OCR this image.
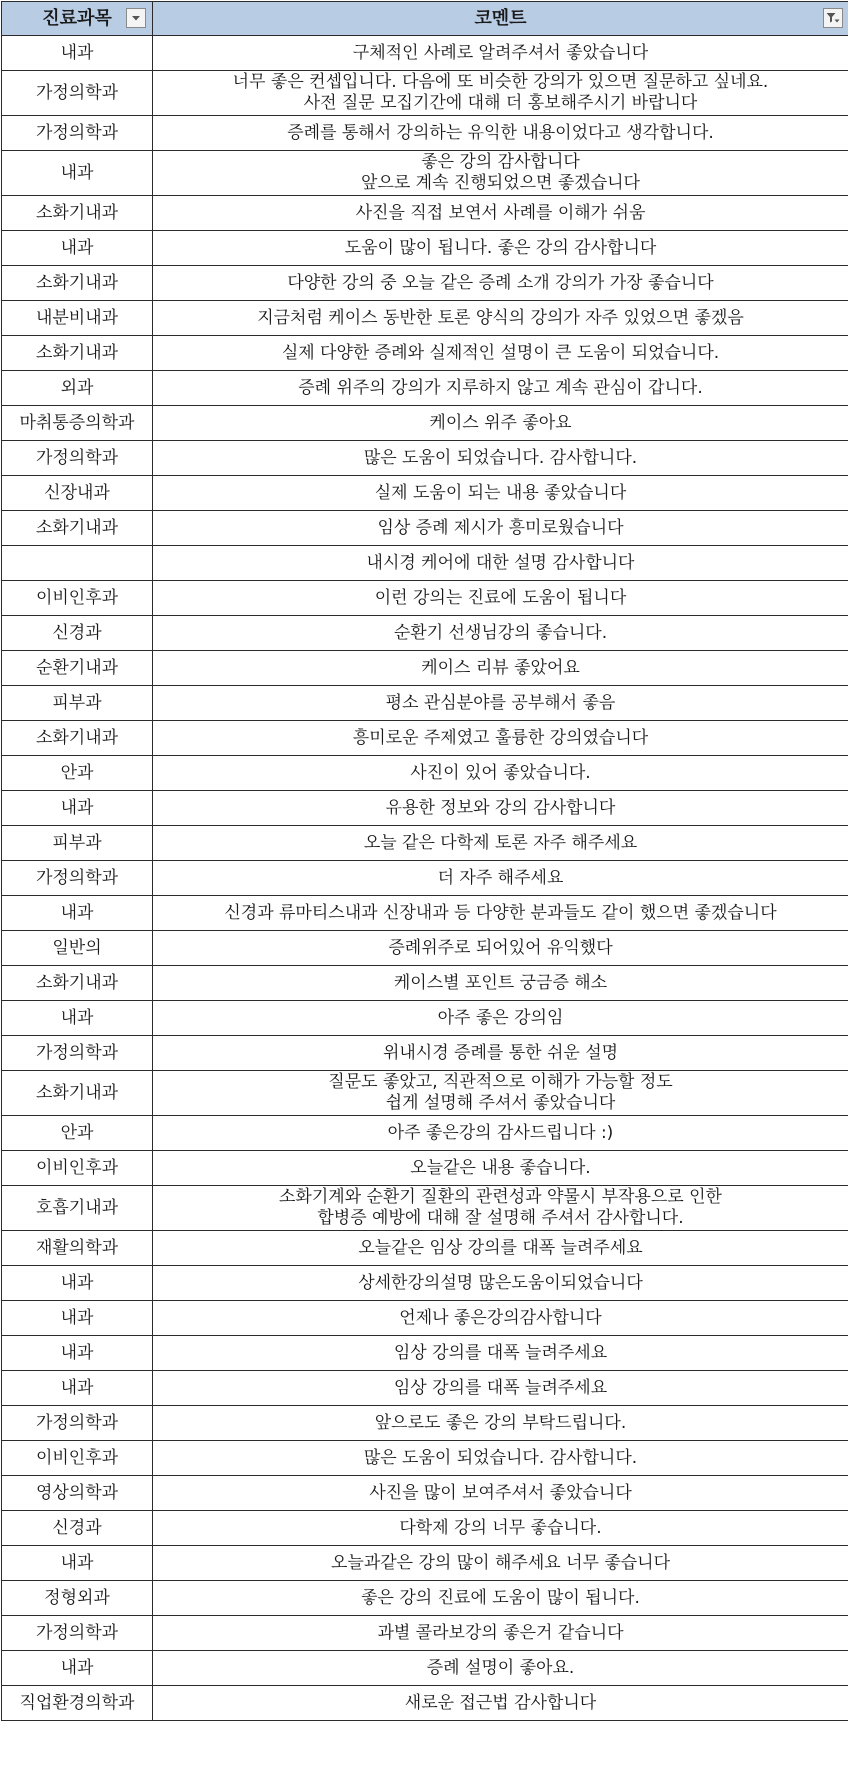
진료과목	코멘트

내과	구체적인 사례로 알려주셔서 좋았습니다

가정의학과	너무 좋은 컨셉입니다. 다음에 또 비슷한 강의가 있으면 질문하고 싶네요.
사전 질문 모집기간에 대해 더 홍보해주시기 바랍니다

가정의학과	증례를 통해서 강의하는 유익한 내용이었다고 생각합니다.

내과	좋은 강의 감사합니다
앞으로 계속 진행되었으면 좋겠습니다

소화기내과	사진을 직접 보연서 사례를 이해가 쉬움

내과	도움이 많이 됩니다. 좋은 강의 감사합니다

소화기내과	다양한 강의 중 오늘 같은 증례 소개 강의가 가장 좋습니다

내분비내과	지금처럼 케이스 동반한 토론 양식의 강의가 자주 있었으면 좋겠음

소화기내과	실제 다양한 증례와 실제적인 설명이 큰 도움이 되었습니다.

외과	증례 위주의 강의가 지루하지 않고 계속 관심이 갑니다.

마취통증의학과	케이스 위주 좋아요

가정의학과	많은 도움이 되었습니다. 감사합니다.

신장내과	실제 도움이 되는 내용 좋았습니다

소화기내과	임상 증례 제시가 흥미로웠습니다

	내시경 케어에 대한 설명 감사합니다

이비인후과	이런 강의는 진료에 도움이 됩니다

신경과	순환기 선생님강의 좋습니다.

순환기내과	케이스 리뷰 좋았어요

피부과	평소 관심분야를 공부해서 좋음

소화기내과	흥미로운 주제였고 훌륭한 강의였습니다

안과	사진이 있어 좋았습니다.

내과	유용한 정보와 강의 감사합니다

피부과	오늘 같은 다학제 토론 자주 해주세요

가정의학과	더 자주 해주세요

내과	신경과 류마티스내과 신장내과 등 다양한 분과들도 같이 했으면 좋겠습니다

일반의	증례위주로 되어있어 유익했다

소화기내과	케이스별 포인트 궁금증 해소

내과	아주 좋은 강의임

가정의학과	위내시경 증례를 통한 쉬운 설명

소화기내과	질문도 좋았고, 직관적으로 이해가 가능할 정도
쉽게 설명해 주셔서 좋았습니다

안과	아주 좋은강의 감사드립니다 :)

이비인후과	오늘같은 내용 좋습니다.

호흡기내과	소화기계와 순환기 질환의 관련성과 약물시 부작용으로 인한
합병증 예방에 대해 잘 설명해 주셔서 감사합니다.

재활의학과	오늘같은 임상 강의를 대폭 늘려주세요

내과	상세한강의설명 많은도움이되었습니다

내과	언제나 좋은강의감사합니다

내과	임상 강의를 대폭 늘려주세요

내과	임상 강의를 대폭 늘려주세요

가정의학과	앞으로도 좋은 강의 부탁드립니다.

이비인후과	많은 도움이 되었습니다. 감사합니다.

영상의학과	사진을 많이 보여주셔서 좋았습니다

신경과	다학제 강의 너무 좋습니다.

내과	오늘과같은 강의 많이 해주세요 너무 좋습니다

정형외과	좋은 강의 진료에 도움이 많이 됩니다.

가정의학과	과별 콜라보강의 좋은거 같습니다

내과	증례 설명이 좋아요.

직업환경의학과	새로운 접근법 감사합니다
